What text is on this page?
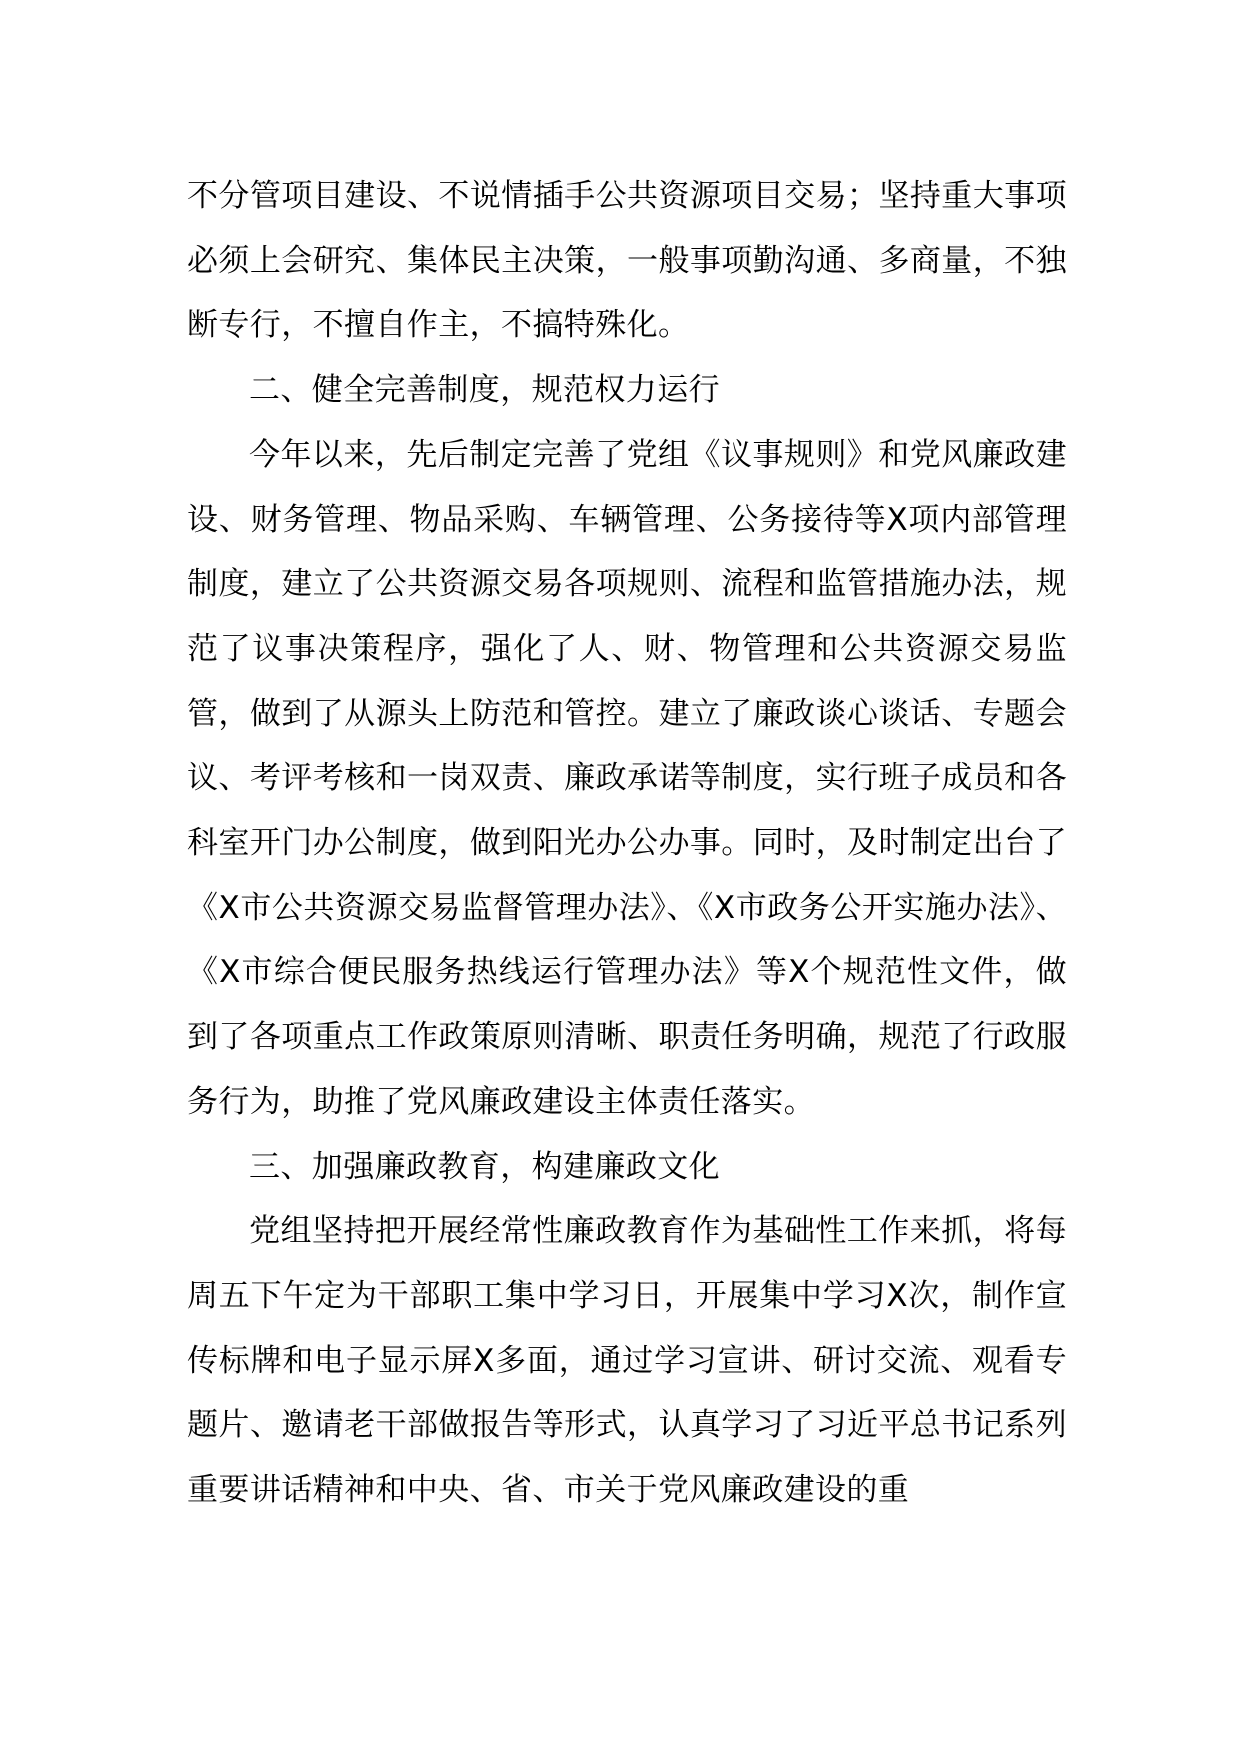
不分管项目建设、不说情插手公共资源项目交易；坚持重大事项必须上会研究、集体民主决策，一般事项勤沟通、多商量，不独断专行，不擅自作主，不搞特殊化。

二、健全完善制度，规范权力运行

今年以来，先后制定完善了党组《议事规则》和党风廉政建设、财务管理、物品采购、车辆管理、公务接待等X项内部管理制度，建立了公共资源交易各项规则、流程和监管措施办法，规范了议事决策程序，强化了人、财、物管理和公共资源交易监管，做到了从源头上防范和管控。建立了廉政谈心谈话、专题会议、考评考核和一岗双责、廉政承诺等制度，实行班子成员和各科室开门办公制度，做到阳光办公办事。同时，及时制定出台了《X市公共资源交易监督管理办法》、《X市政务公开实施办法》、《X市综合便民服务热线运行管理办法》等X个规范性文件，做到了各项重点工作政策原则清晰、职责任务明确，规范了行政服务行为，助推了党风廉政建设主体责任落实。

三、加强廉政教育，构建廉政文化

党组坚持把开展经常性廉政教育作为基础性工作来抓，将每周五下午定为干部职工集中学习日，开展集中学习X次，制作宣传标牌和电子显示屏X多面，通过学习宣讲、研讨交流、观看专题片、邀请老干部做报告等形式，认真学习了习近平总书记系列重要讲话精神和中央、省、市关于党风廉政建设的重
